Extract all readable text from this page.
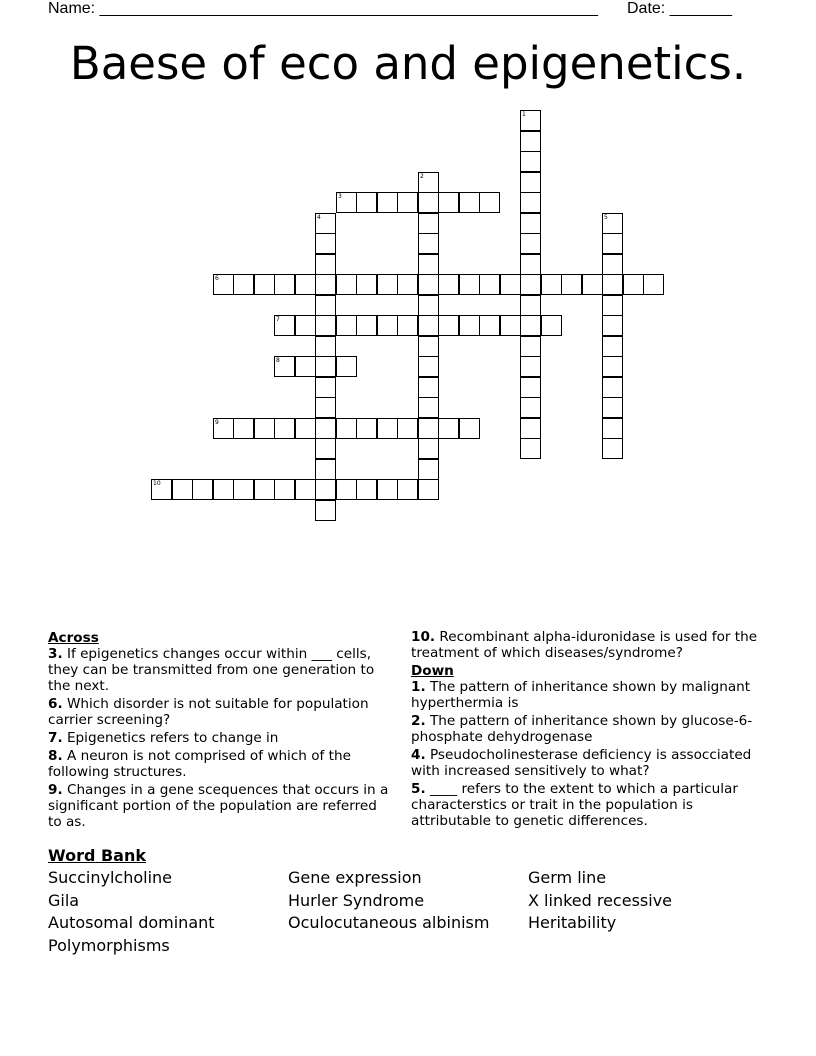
Name: ________________________________________________________ Date: _______
Baese of eco and epigenetics.
1
2
3
4	5
6
7
8
9
10
Across
3. If epigenetics changes occur within ___ cells, they can be transmitted from one generation to the next.
6. Which disorder is not suitable for population carrier screening?
7. Epigenetics refers to change in
8. A neuron is not comprised of which of the following structures.
9. Changes in a gene scequences that occurs in a significant portion of the population are referred to as.
10. Recombinant alpha-iduronidase is used for the treatment of which diseases/syndrome?
Down
1. The pattern of inheritance shown by malignant hyperthermia is
2. The pattern of inheritance shown by glucose-6-phosphate dehydrogenase
4. Pseudocholinesterase deficiency is assocciated with increased sensitively to what?
5. ____ refers to the extent to which a particular characterstics or trait in the population is attributable to genetic differences.
Word Bank
Succinylcholine
Gila
Autosomal dominant
Polymorphisms
Gene expression
Hurler Syndrome
Oculocutaneous albinism
Germ line
X linked recessive
Heritability
